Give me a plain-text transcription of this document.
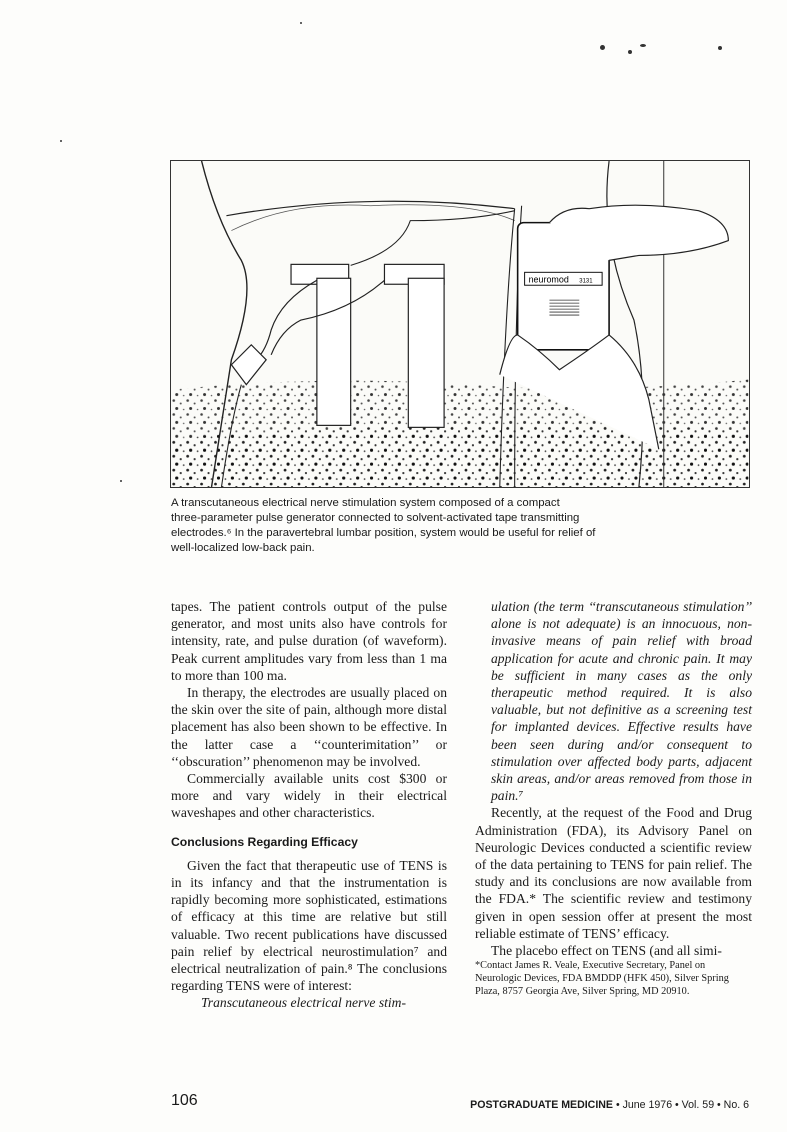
neuromod 3131
A transcutaneous electrical nerve stimulation system composed of a compact
three-parameter pulse generator connected to solvent-activated tape transmitting
electrodes.⁶ In the paravertebral lumbar position, system would be useful for relief of
well-localized low-back pain.

tapes. The patient controls output of the pulse generator, and most units also have controls for intensity, rate, and pulse duration (of waveform). Peak current amplitudes vary from less than 1 ma to more than 100 ma.

In therapy, the electrodes are usually placed on the skin over the site of pain, although more distal placement has also been shown to be effective. In the latter case a ‘‘counterimitation’’ or ‘‘obscuration’’ phenomenon may be involved.

Commercially available units cost $300 or more and vary widely in their electrical waveshapes and other characteristics.

Conclusions Regarding Efficacy

Given the fact that therapeutic use of TENS is in its infancy and that the instrumentation is rapidly becoming more sophisticated, estimations of efficacy at this time are relative but still valuable. Two recent publications have discussed pain relief by electrical neurostimulation⁷ and electrical neutralization of pain.⁸ The conclusions regarding TENS were of interest:

Transcutaneous electrical nerve stim-

ulation (the term ‘‘transcutaneous stimulation’’ alone is not adequate) is an innocuous, non-invasive means of pain relief with broad application for acute and chronic pain. It may be sufficient in many cases as the only therapeutic method required. It is also valuable, but not definitive as a screening test for implanted devices. Effective results have been seen during and/or consequent to stimulation over affected body parts, adjacent skin areas, and/or areas removed from those in pain.⁷

Recently, at the request of the Food and Drug Administration (FDA), its Advisory Panel on Neurologic Devices conducted a scientific review of the data pertaining to TENS for pain relief. The study and its conclusions are now available from the FDA.* The scientific review and testimony given in open session offer at present the most reliable estimate of TENS’ efficacy.

The placebo effect on TENS (and all simi-

*Contact James R. Veale, Executive Secretary, Panel on Neurologic Devices, FDA BMDDP (HFK 450), Silver Spring Plaza, 8757 Georgia Ave, Silver Spring, MD 20910.

106	POSTGRADUATE MEDICINE • June 1976 • Vol. 59 • No. 6
